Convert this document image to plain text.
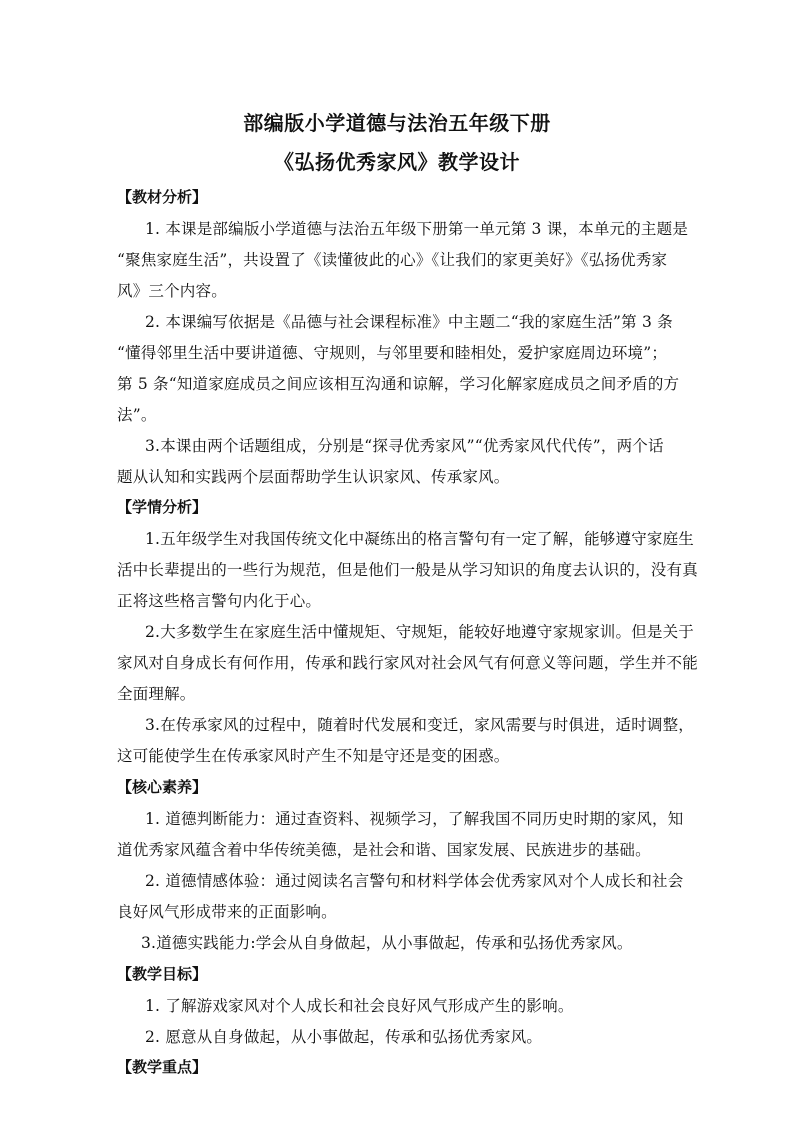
部编版小学道德与法治五年级下册
《弘扬优秀家风》教学设计
【教材分析】
1. 本课是部编版小学道德与法治五年级下册第一单元第 3 课，本单元的主题是
“聚焦家庭生活”，共设置了《读懂彼此的心》《让我们的家更美好》《弘扬优秀家
风》三个内容。
2. 本课编写依据是《品德与社会课程标准》中主题二“我的家庭生活”第 3 条
“懂得邻里生活中要讲道德、守规则，与邻里要和睦相处，爱护家庭周边环境”；
第 5 条“知道家庭成员之间应该相互沟通和谅解，学习化解家庭成员之间矛盾的方
法”。
3.本课由两个话题组成，分别是“探寻优秀家风”“优秀家风代代传”，两个话
题从认知和实践两个层面帮助学生认识家风、传承家风。
【学情分析】
1.五年级学生对我国传统文化中凝练出的格言警句有一定了解，能够遵守家庭生
活中长辈提出的一些行为规范，但是他们一般是从学习知识的角度去认识的，没有真
正将这些格言警句内化于心。
2.大多数学生在家庭生活中懂规矩、守规矩，能较好地遵守家规家训。但是关于
家风对自身成长有何作用，传承和践行家风对社会风气有何意义等问题，学生并不能
全面理解。
3.在传承家风的过程中，随着时代发展和变迁，家风需要与时俱进，适时调整，
这可能使学生在传承家风时产生不知是守还是变的困惑。
【核心素养】
1. 道德判断能力：通过查资料、视频学习，了解我国不同历史时期的家风，知
道优秀家风蕴含着中华传统美德，是社会和谐、国家发展、民族进步的基础。
2. 道德情感体验：通过阅读名言警句和材料学体会优秀家风对个人成长和社会
良好风气形成带来的正面影响。
3.道德实践能力:学会从自身做起，从小事做起，传承和弘扬优秀家风。
【教学目标】
1. 了解游戏家风对个人成长和社会良好风气形成产生的影响。
2. 愿意从自身做起，从小事做起，传承和弘扬优秀家风。
【教学重点】
